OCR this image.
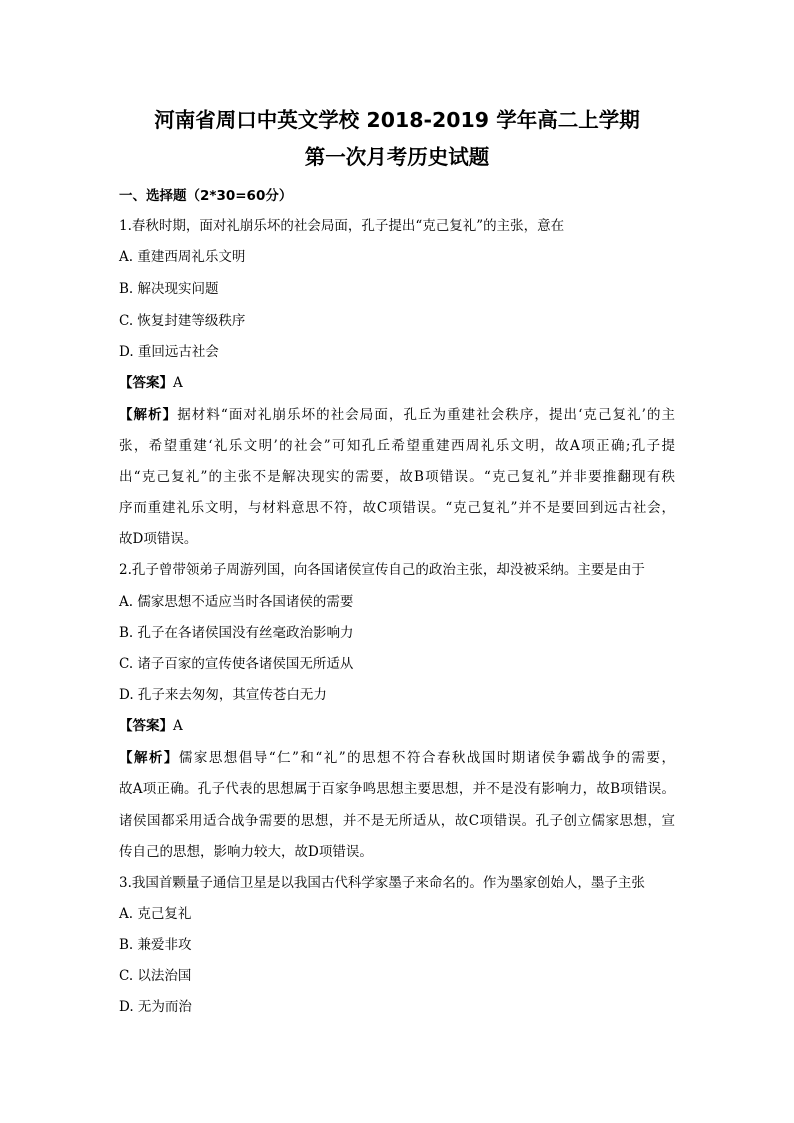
河南省周口中英文学校 2018-2019 学年高二上学期
第一次月考历史试题
一、选择题（2*30=60分）
1.春秋时期，面对礼崩乐坏的社会局面，孔子提出“克己复礼”的主张，意在
A. 重建西周礼乐文明
B. 解决现实问题
C. 恢复封建等级秩序
D. 重回远古社会
【答案】A
【解析】据材料“面对礼崩乐坏的社会局面，孔丘为重建社会秩序，提出‘克己复礼’的主
张，希望重建‘礼乐文明’的社会”可知孔丘希望重建西周礼乐文明，故A项正确;孔子提
出“克己复礼”的主张不是解决现实的需要，故B项错误。“克己复礼”并非要推翻现有秩
序而重建礼乐文明，与材料意思不符，故C项错误。“克己复礼”并不是要回到远古社会，
故D项错误。
2.孔子曾带领弟子周游列国，向各国诸侯宣传自己的政治主张，却没被采纳。主要是由于
A. 儒家思想不适应当时各国诸侯的需要
B. 孔子在各诸侯国没有丝毫政治影响力
C. 诸子百家的宣传使各诸侯国无所适从
D. 孔子来去匆匆，其宣传苍白无力
【答案】A
【解析】儒家思想倡导“仁”和“礼”的思想不符合春秋战国时期诸侯争霸战争的需要，
故A项正确。孔子代表的思想属于百家争鸣思想主要思想，并不是没有影响力，故B项错误。
诸侯国都采用适合战争需要的思想，并不是无所适从，故C项错误。孔子创立儒家思想，宣
传自己的思想，影响力较大，故D项错误。
3.我国首颗量子通信卫星是以我国古代科学家墨子来命名的。作为墨家创始人，墨子主张
A. 克己复礼
B. 兼爱非攻
C. 以法治国
D. 无为而治
